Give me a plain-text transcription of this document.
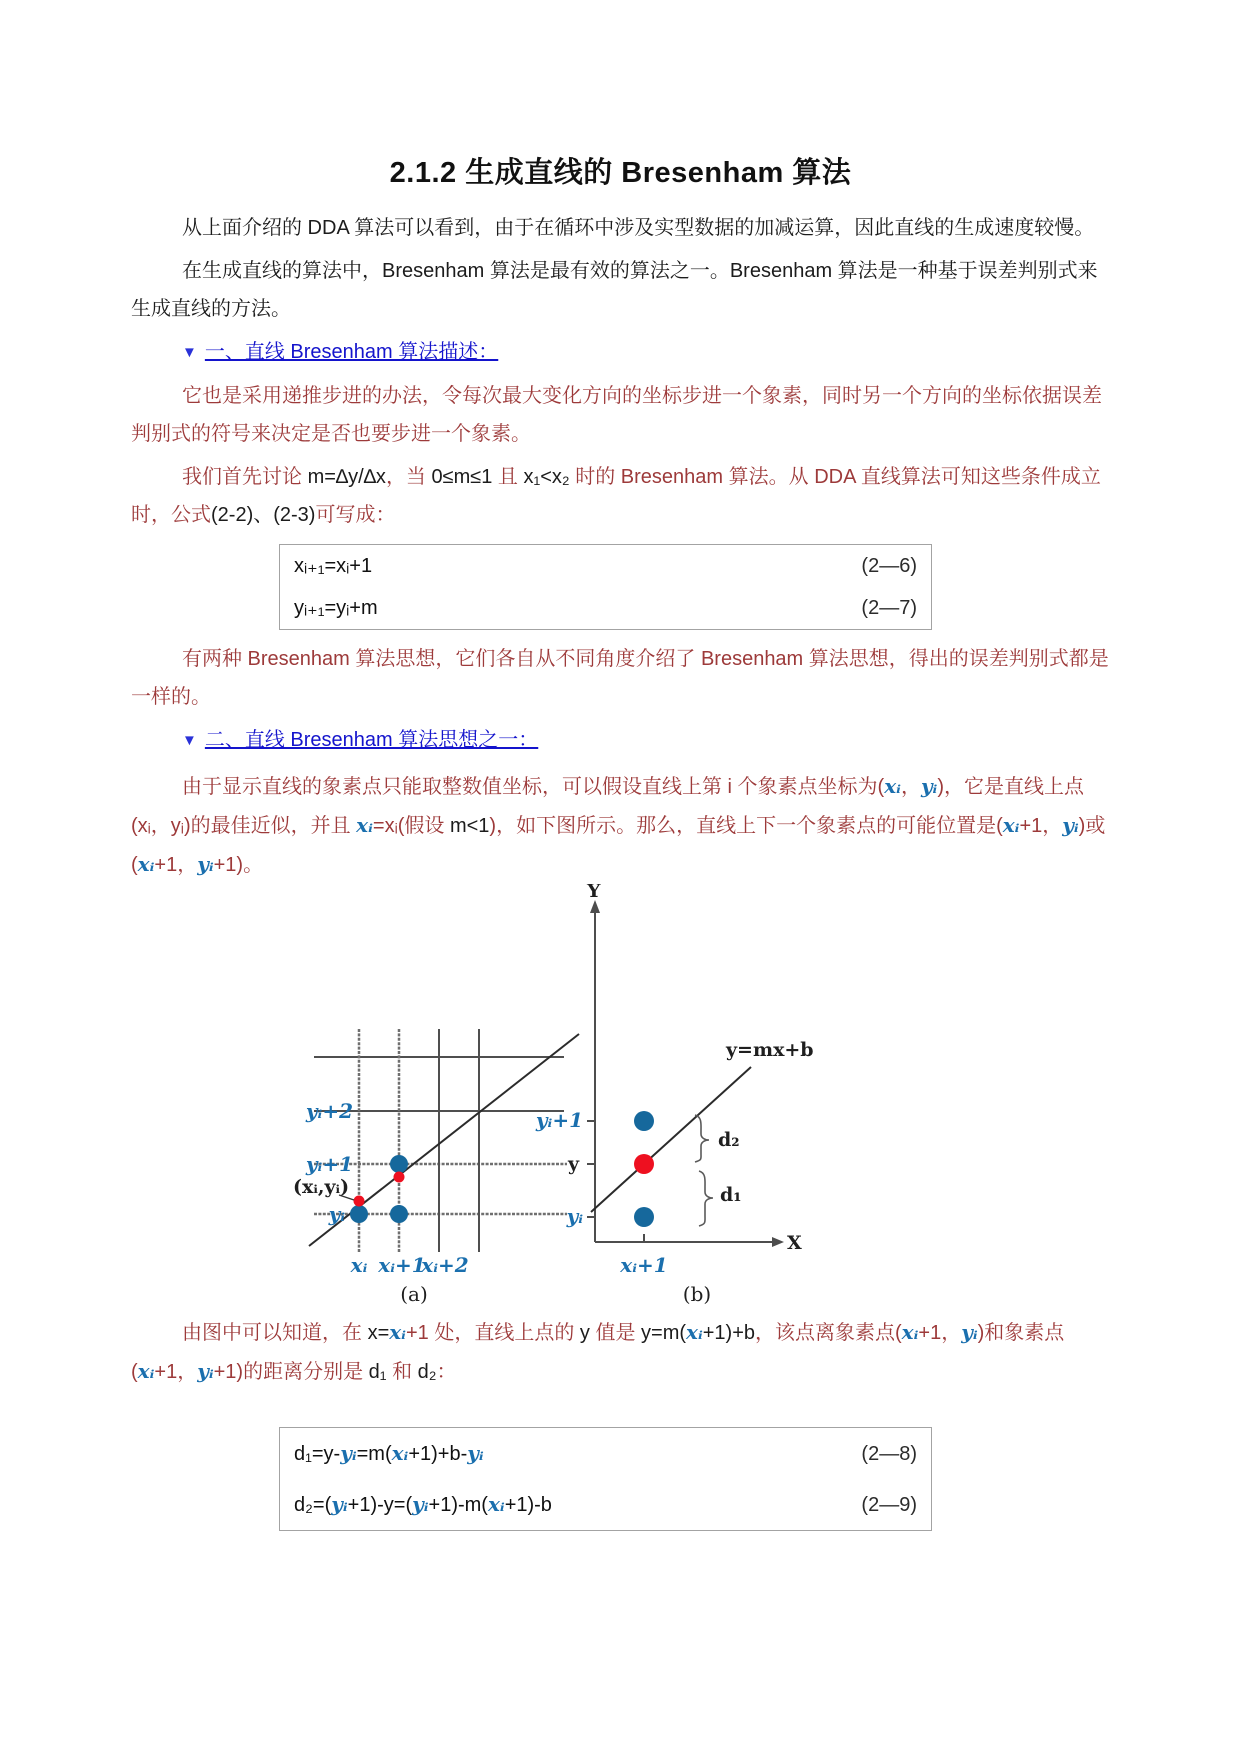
2.1.2 生成直线的 Bresenham 算法

从上面介绍的 DDA 算法可以看到，由于在循环中涉及实型数据的加减运算，因此直线的生成速度较慢。

在生成直线的算法中，Bresenham 算法是最有效的算法之一。Bresenham 算法是一种基于误差判别式来生成直线的方法。

▼ 一、直线 Bresenham 算法描述：

它也是采用递推步进的办法，令每次最大变化方向的坐标步进一个象素，同时另一个方向的坐标依据误差判别式的符号来决定是否也要步进一个象素。

我们首先讨论 m=∆y/∆x，当 0≤m≤1 且 x₁<x₂ 时的 Bresenham 算法。从 DDA 直线算法可知这些条件成立时，公式(2-2)、(2-3)可写成：

xᵢ₊₁=xᵢ+1	(2—6)
yᵢ₊₁=yᵢ+m	(2—7)

有两种 Bresenham 算法思想，它们各自从不同角度介绍了 Bresenham 算法思想，得出的误差判别式都是一样的。

▼ 二、直线 Bresenham 算法思想之一：

由于显示直线的象素点只能取整数值坐标，可以假设直线上第 i 个象素点坐标为(xᵢ，yᵢ)，它是直线上点(xᵢ，yᵢ)的最佳近似，并且 xᵢ=xᵢ(假设 m<1)，如下图所示。那么，直线上下一个象素点的可能位置是(xᵢ+1，yᵢ)或(xᵢ+1，yᵢ+1)。

yᵢ+2
yᵢ+1
yᵢ
(xᵢ,yᵢ)
xᵢ xᵢ+1
xᵢ+2
(a)
Y
X
y=mx+b
d₂
d₁
yᵢ+1
y
yᵢ
xᵢ+1
(b)

由图中可以知道，在 x=xᵢ+1 处，直线上点的 y 值是 y=m(xᵢ+1)+b，该点离象素点(xᵢ+1，yᵢ)和象素点(xᵢ+1，yᵢ+1)的距离分别是 d₁ 和 d₂：

d₁=y-yᵢ=m(xᵢ+1)+b-yᵢ	(2—8)
d₂=(yᵢ+1)-y=(yᵢ+1)-m(xᵢ+1)-b	(2—9)
